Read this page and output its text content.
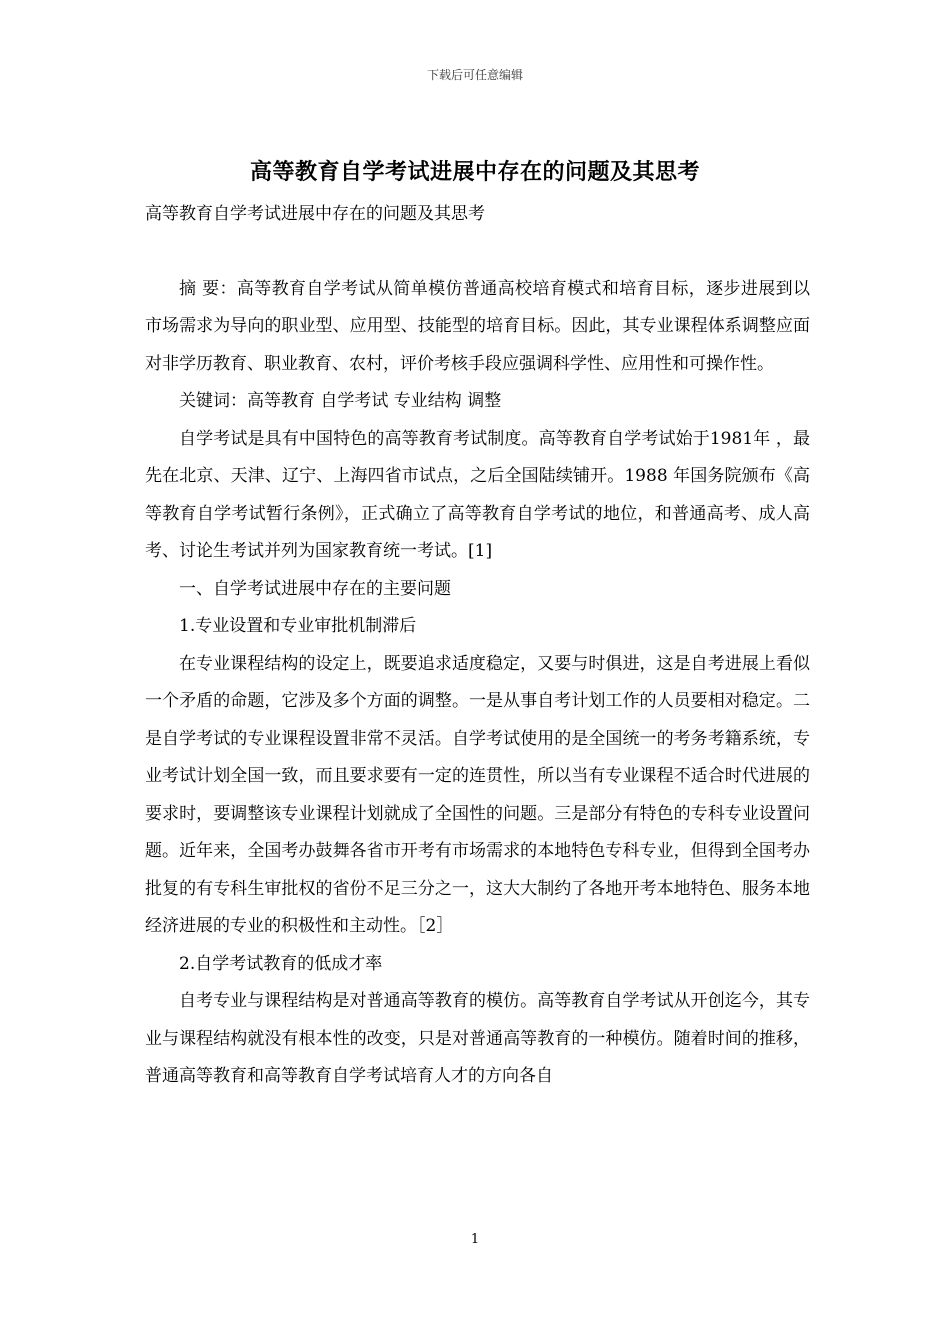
下载后可任意编辑
高等教育自学考试进展中存在的问题及其思考

高等教育自学考试进展中存在的问题及其思考

摘 要：高等教育自学考试从简单模仿普通高校培育模式和培育目标，逐步进展到以市场需求为导向的职业型、应用型、技能型的培育目标。因此，其专业课程体系调整应面对非学历教育、职业教育、农村，评价考核手段应强调科学性、应用性和可操作性。

关键词：高等教育 自学考试 专业结构 调整

自学考试是具有中国特色的高等教育考试制度。高等教育自学考试始于1981年 ，最先在北京、天津、辽宁、上海四省市试点，之后全国陆续铺开。1988 年国务院颁布《高等教育自学考试暂行条例》，正式确立了高等教育自学考试的地位，和普通高考、成人高考、讨论生考试并列为国家教育统一考试。[1]

一、自学考试进展中存在的主要问题

1.专业设置和专业审批机制滞后

在专业课程结构的设定上，既要追求适度稳定，又要与时俱进，这是自考进展上看似一个矛盾的命题，它涉及多个方面的调整。一是从事自考计划工作的人员要相对稳定。二是自学考试的专业课程设置非常不灵活。自学考试使用的是全国统一的考务考籍系统，专业考试计划全国一致，而且要求要有一定的连贯性，所以当有专业课程不适合时代进展的要求时，要调整该专业课程计划就成了全国性的问题。三是部分有特色的专科专业设置问题。近年来，全国考办鼓舞各省市开考有市场需求的本地特色专科专业，但得到全国考办批复的有专科生审批权的省份不足三分之一，这大大制约了各地开考本地特色、服务本地经济进展的专业的积极性和主动性。［2］

2.自学考试教育的低成才率

自考专业与课程结构是对普通高等教育的模仿。高等教育自学考试从开创迄今，其专业与课程结构就没有根本性的改变，只是对普通高等教育的一种模仿。随着时间的推移，普通高等教育和高等教育自学考试培育人才的方向各自

1
